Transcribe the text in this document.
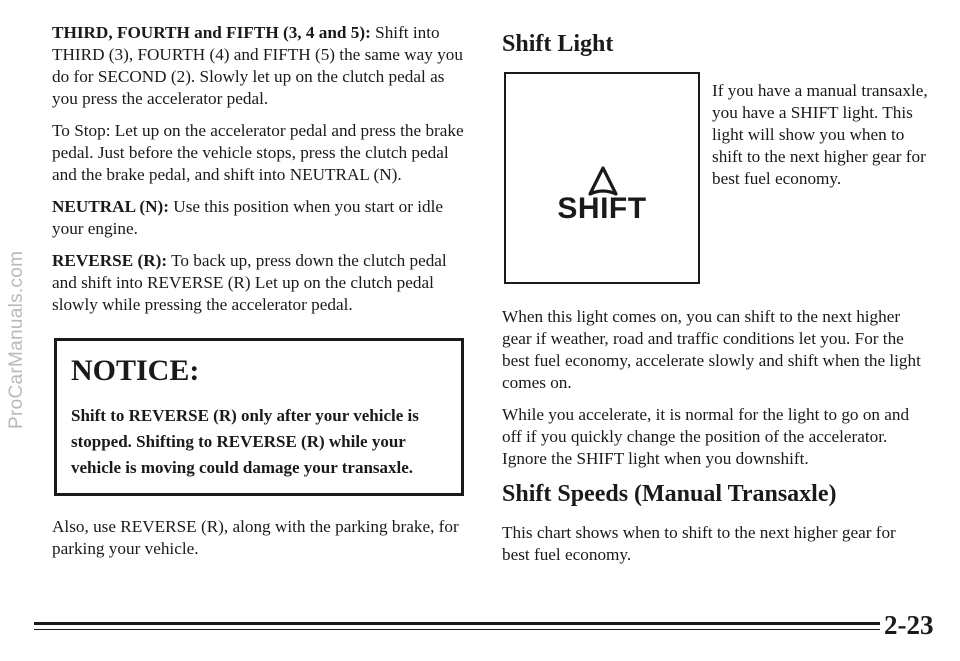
ProCarManuals.com

THIRD, FOURTH and FIFTH (3, 4 and 5): Shift into THIRD (3), FOURTH (4) and FIFTH (5) the same way you do for SECOND (2). Slowly let up on the clutch pedal as you press the accelerator pedal.

To Stop: Let up on the accelerator pedal and press the brake pedal. Just before the vehicle stops, press the clutch pedal and the brake pedal, and shift into NEUTRAL (N).

NEUTRAL (N): Use this position when you start or idle your engine.

REVERSE (R): To back up, press down the clutch pedal and shift into REVERSE (R) Let up on the clutch pedal slowly while pressing the accelerator pedal.

NOTICE:

Shift to REVERSE (R) only after your vehicle is stopped. Shifting to REVERSE (R) while your vehicle is moving could damage your transaxle.

Also, use REVERSE (R), along with the parking brake, for parking your vehicle.

Shift Light
SHIFT

If you have a manual transaxle, you have a SHIFT light. This light will show you when to shift to the next higher gear for best fuel economy.

When this light comes on, you can shift to the next higher gear if weather, road and traffic conditions let you. For the best fuel economy, accelerate slowly and shift when the light comes on.

While you accelerate, it is normal for the light to go on and off if you quickly change the position of the accelerator. Ignore the SHIFT light when you downshift.

Shift Speeds (Manual Transaxle)

This chart shows when to shift to the next higher gear for best fuel economy.

2-23
